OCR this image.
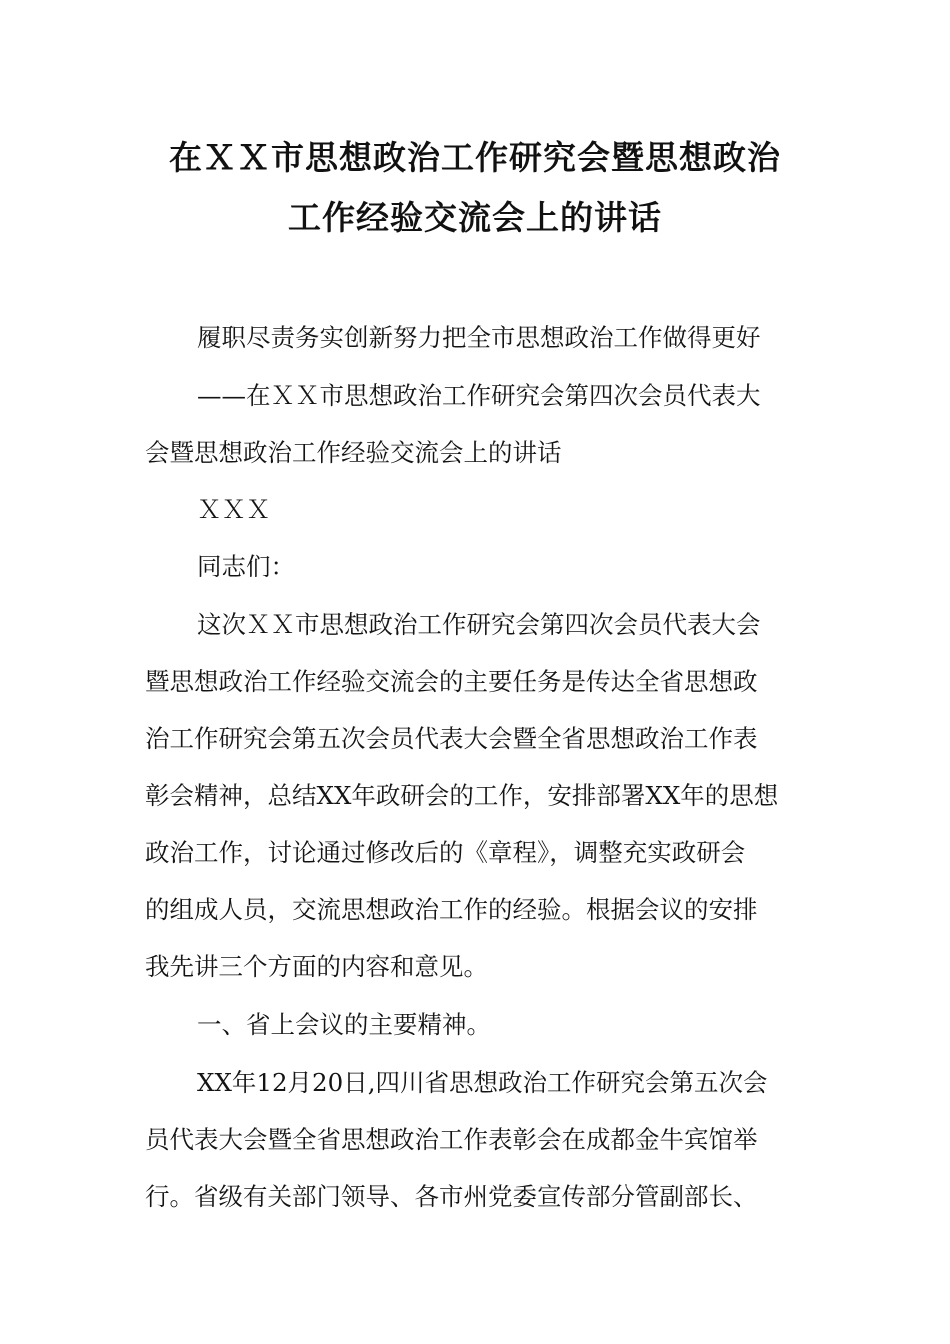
在ＸＸ市思想政治工作研究会暨思想政治
工作经验交流会上的讲话
履职尽责务实创新努力把全市思想政治工作做得更好
——在ＸＸ市思想政治工作研究会第四次会员代表大
会暨思想政治工作经验交流会上的讲话
ＸＸＸ
同志们：
这次ＸＸ市思想政治工作研究会第四次会员代表大会
暨思想政治工作经验交流会的主要任务是传达全省思想政
治工作研究会第五次会员代表大会暨全省思想政治工作表
彰会精神，总结XX年政研会的工作，安排部署XX年的思想
政治工作，讨论通过修改后的《章程》，调整充实政研会
的组成人员，交流思想政治工作的经验。根据会议的安排
我先讲三个方面的内容和意见。
一、省上会议的主要精神。
XX年12月20日,四川省思想政治工作研究会第五次会
员代表大会暨全省思想政治工作表彰会在成都金牛宾馆举
行。省级有关部门领导、各市州党委宣传部分管副部长、
